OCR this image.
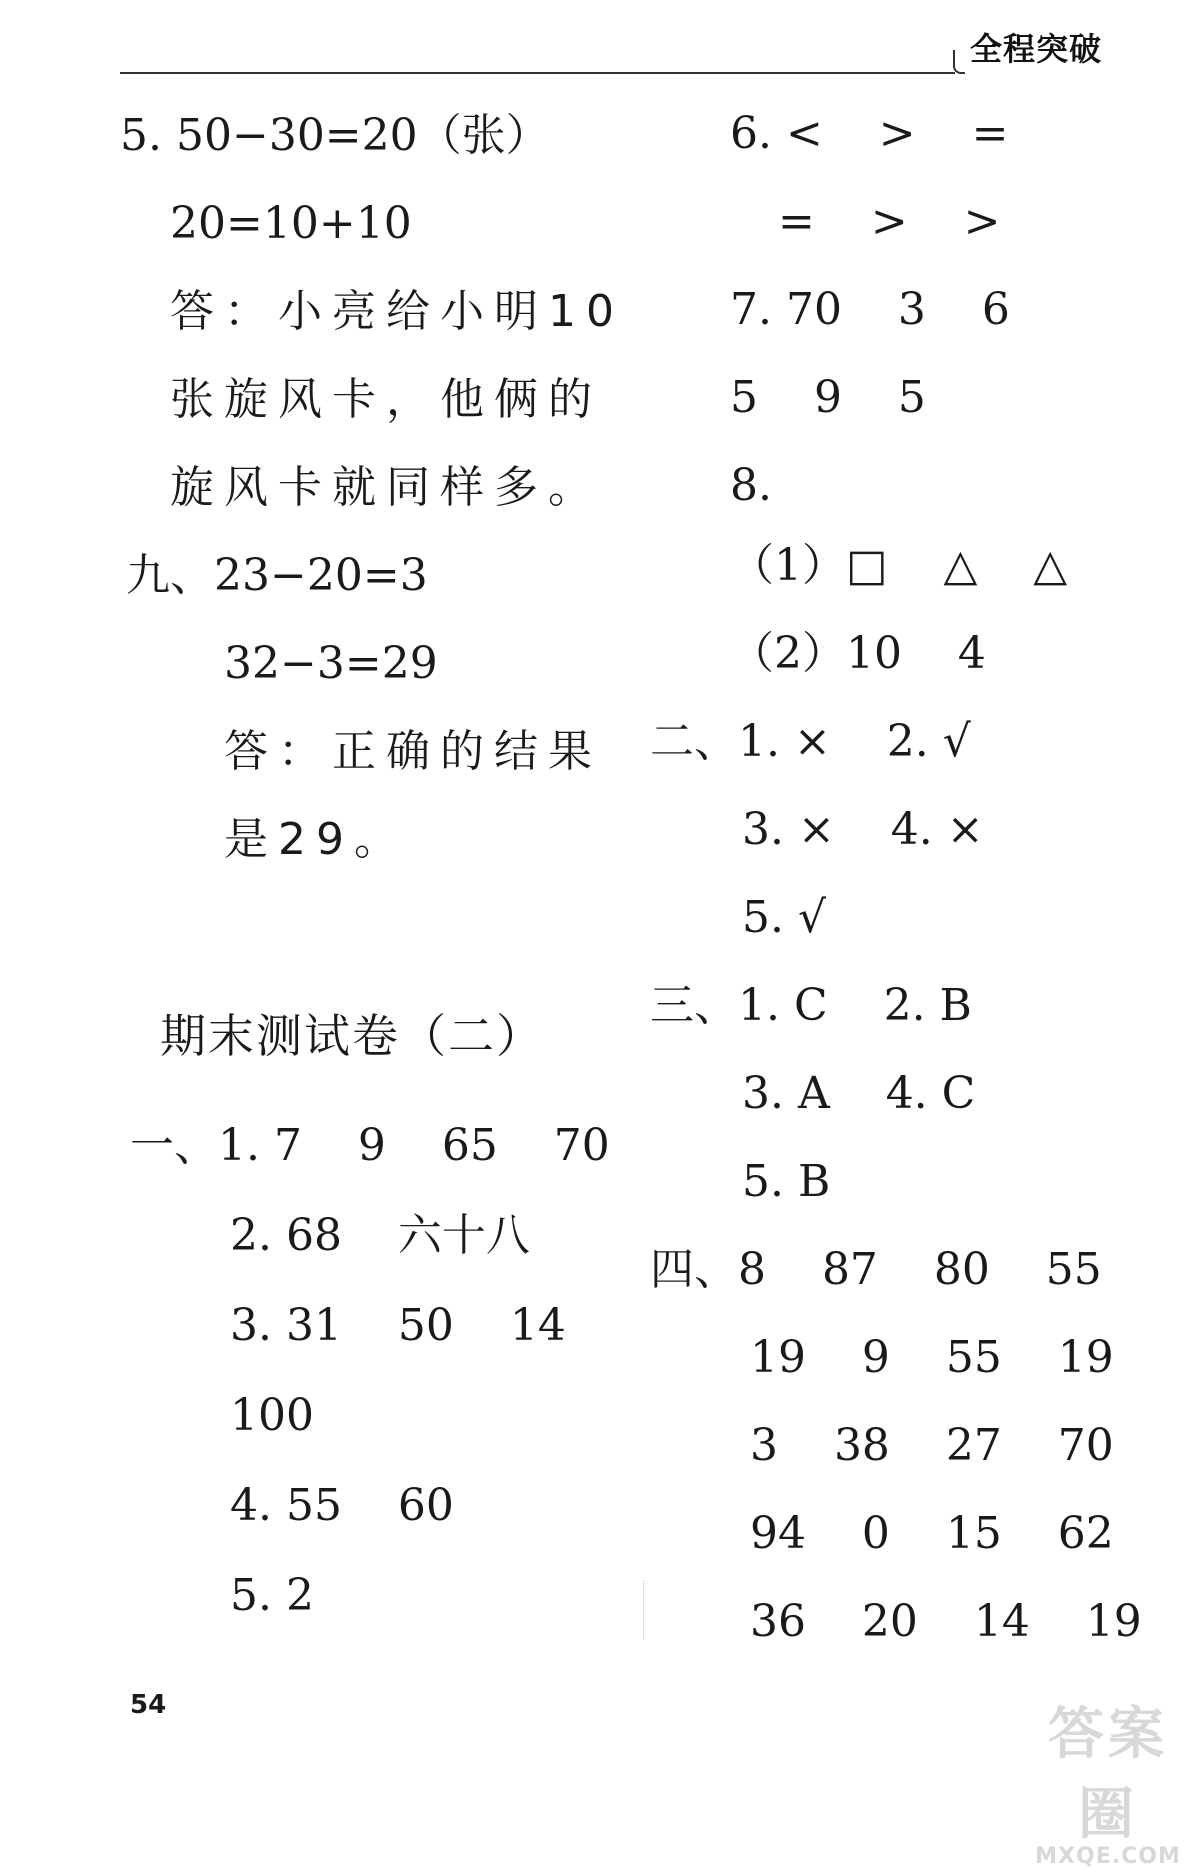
全程突破
5. 50−30=20（张）
20=10+10
答：小亮给小明10
张旋风卡，他俩的
旋风卡就同样多。
九、23−20=3
32−3=29
答：正确的结果
是29。
期末测试卷（二）
一、1. 7    9    65    70
2. 68    六十八
3. 31    50    14
100
4. 55    60
5. 2
6. <    >    =
=    >    >
7. 70    3    6
5    9    5
8.
（1）□    △    △
（2）10    4
二、1. ×    2. √
3. ×    4. ×
5. √
三、1. C    2. B
3. A    4. C
5. B
四、8    87    80    55
19    9    55    19
3    38    27    70
94    0    15    62
36    20    14    19
54	答案圈
MXQE.COM
